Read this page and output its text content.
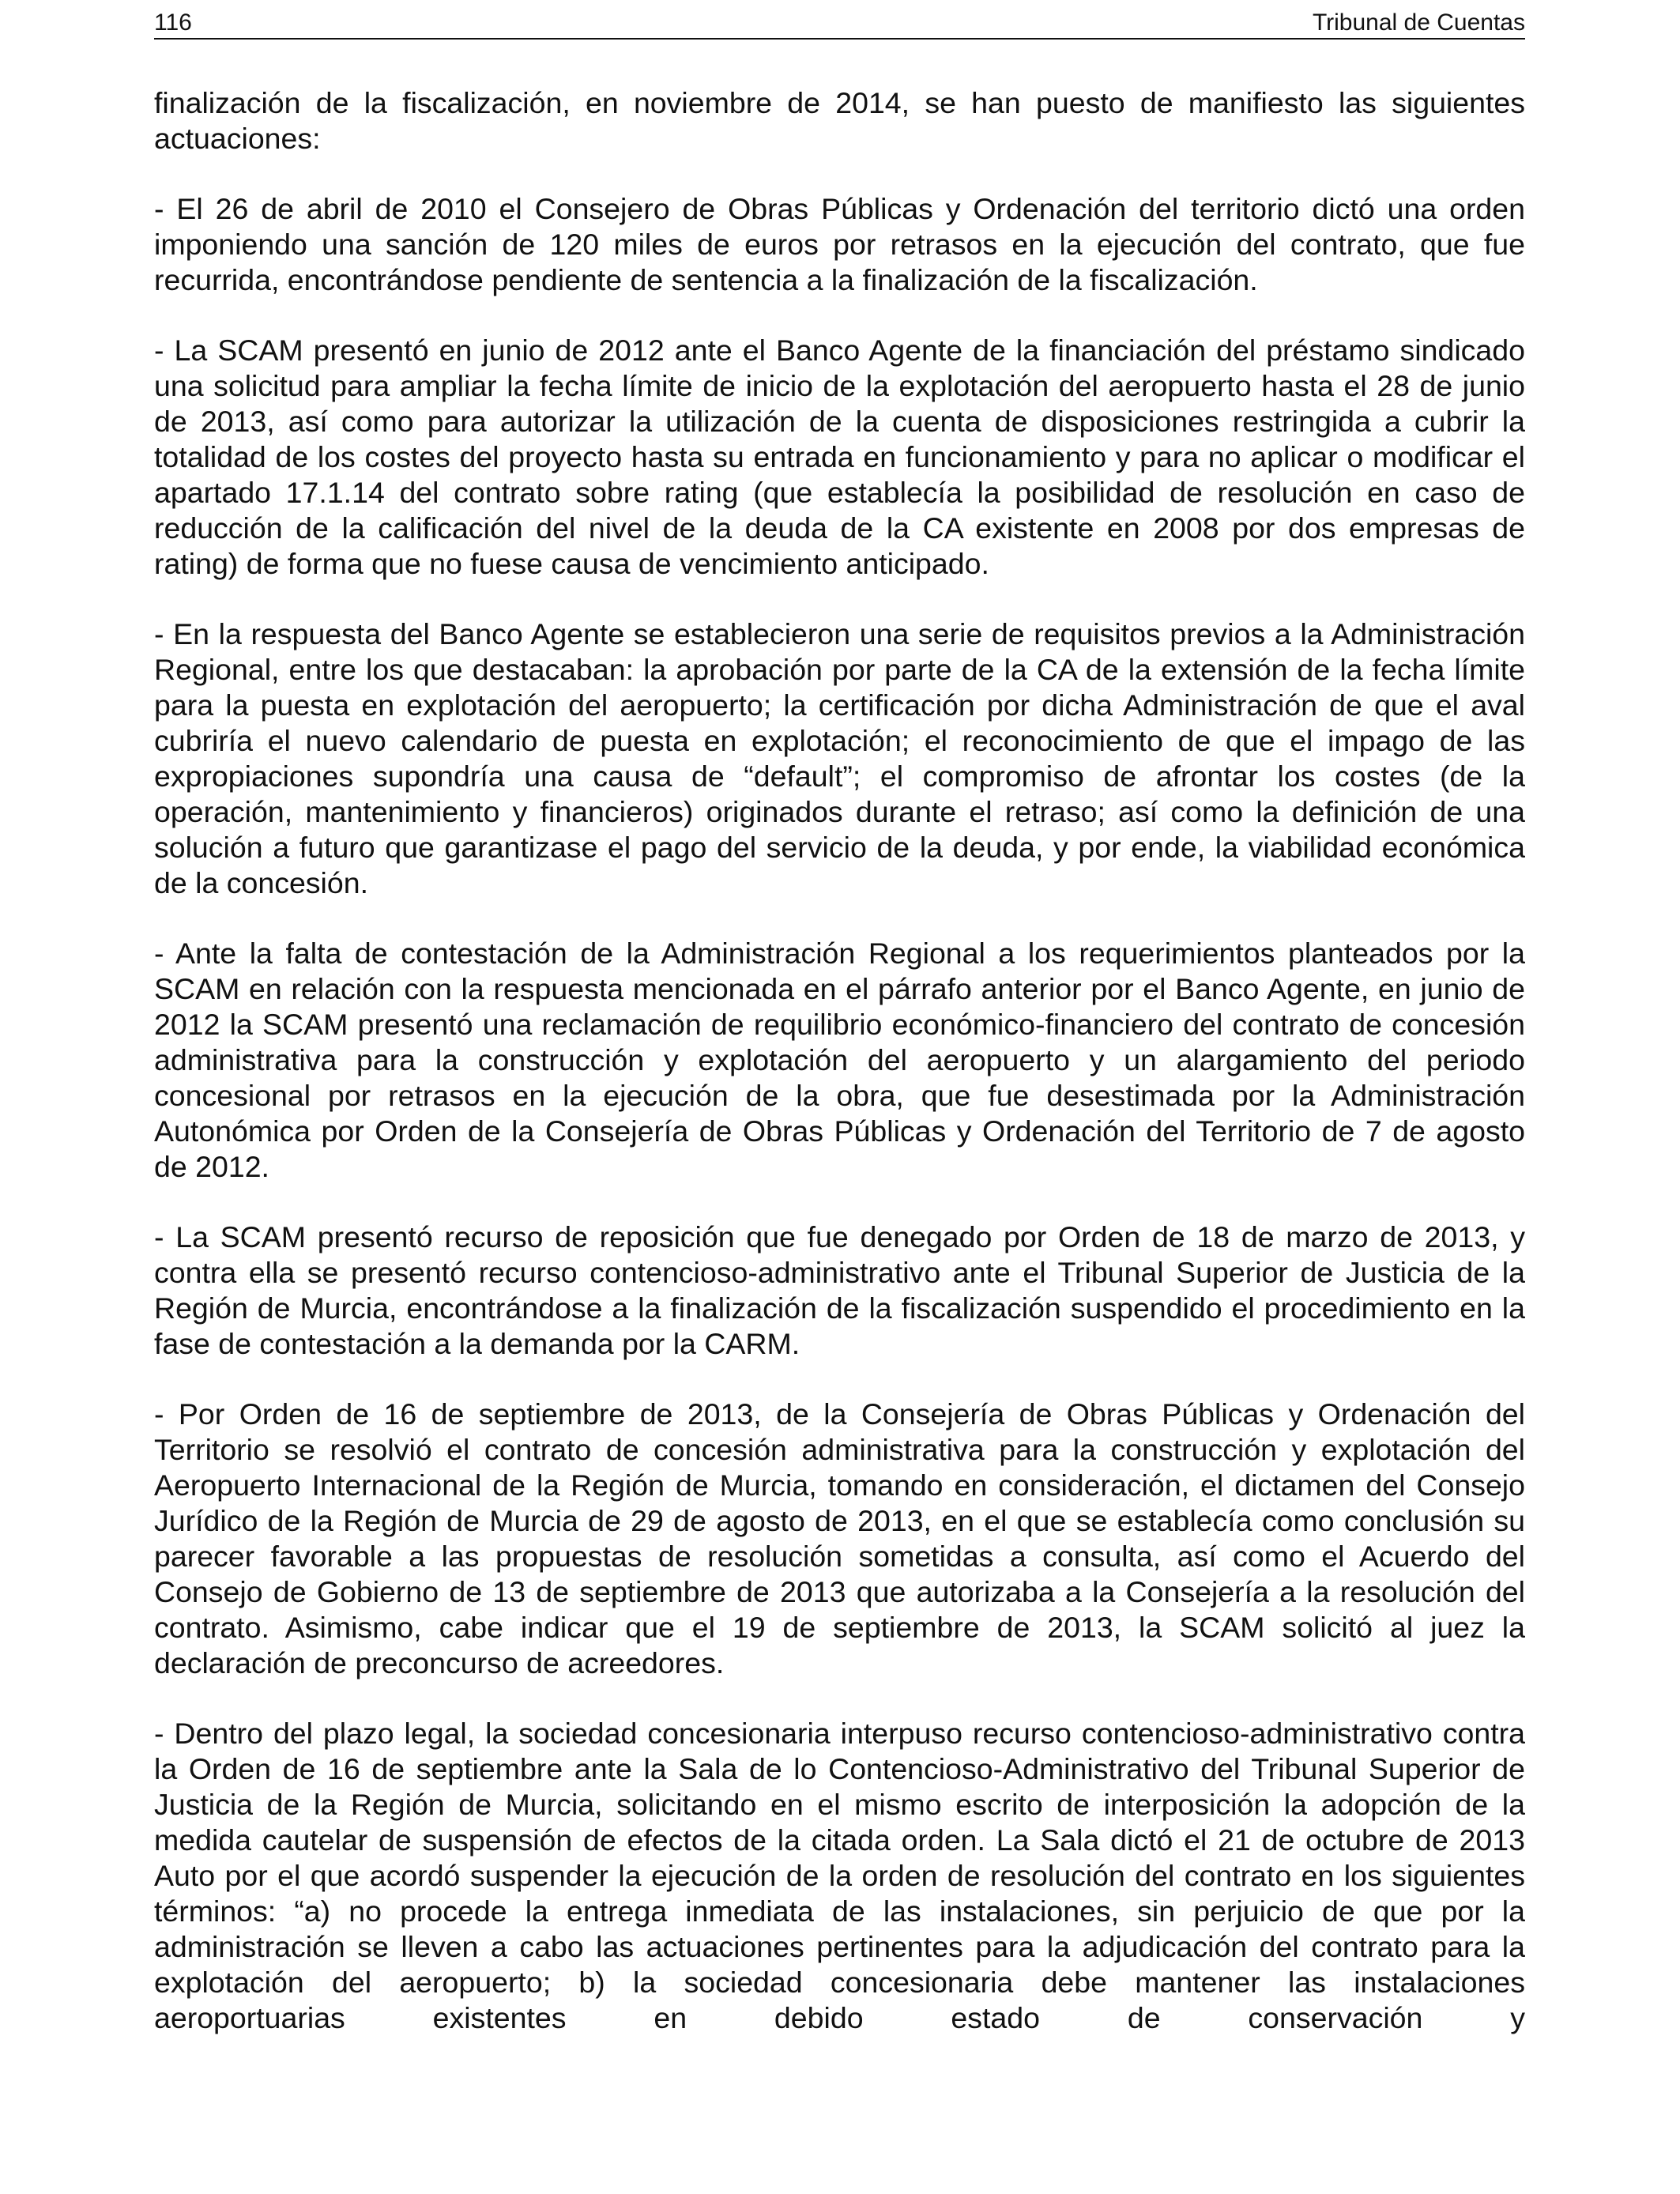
116	Tribunal de Cuentas

finalización de la fiscalización, en noviembre de 2014, se han puesto de manifiesto las siguientes actuaciones:

- El 26 de abril de 2010 el Consejero de Obras Públicas y Ordenación del territorio dictó una orden imponiendo una sanción de 120 miles de euros por retrasos en la ejecución del contrato, que fue recurrida, encontrándose pendiente de sentencia a la finalización de la fiscalización.

- La SCAM presentó en junio de 2012 ante el Banco Agente de la financiación del préstamo sindicado una solicitud para ampliar la fecha límite de inicio de la explotación del aeropuerto hasta el 28 de junio de 2013, así como para autorizar la utilización de la cuenta de disposiciones restringida a cubrir la totalidad de los costes del proyecto hasta su entrada en funcionamiento y para no aplicar o modificar el apartado 17.1.14 del contrato sobre rating (que establecía la posibilidad de resolución en caso de reducción de la calificación del nivel de la deuda de la CA existente en 2008 por dos empresas de rating) de forma que no fuese causa de vencimiento anticipado.

- En la respuesta del Banco Agente se establecieron una serie de requisitos previos a la Administración Regional, entre los que destacaban: la aprobación por parte de la CA de la extensión de la fecha límite para la puesta en explotación del aeropuerto; la certificación por dicha Administración de que el aval cubriría el nuevo calendario de puesta en explotación; el reconocimiento de que el impago de las expropiaciones supondría una causa de “default”; el compromiso de afrontar los costes (de la operación, mantenimiento y financieros) originados durante el retraso; así como la definición de una solución a futuro que garantizase el pago del servicio de la deuda, y por ende, la viabilidad económica de la concesión.

- Ante la falta de contestación de la Administración Regional a los requerimientos planteados por la SCAM en relación con la respuesta mencionada en el párrafo anterior por el Banco Agente, en junio de 2012 la SCAM presentó una reclamación de requilibrio económico-financiero del contrato de concesión administrativa para la construcción y explotación del aeropuerto y un alargamiento del periodo concesional por retrasos en la ejecución de la obra, que fue desestimada por la Administración Autonómica por Orden de la Consejería de Obras Públicas y Ordenación del Territorio de 7 de agosto de 2012.

- La SCAM presentó recurso de reposición que fue denegado por Orden de 18 de marzo de 2013, y contra ella se presentó recurso contencioso-administrativo ante el Tribunal Superior de Justicia de la Región de Murcia, encontrándose a la finalización de la fiscalización suspendido el procedimiento en la fase de contestación a la demanda por la CARM.

- Por Orden de 16 de septiembre de 2013, de la Consejería de Obras Públicas y Ordenación del Territorio se resolvió el contrato de concesión administrativa para la construcción y explotación del Aeropuerto Internacional de la Región de Murcia, tomando en consideración, el dictamen del Consejo Jurídico de la Región de Murcia de 29 de agosto de 2013, en el que se establecía como conclusión su parecer favorable a las propuestas de resolución sometidas a consulta, así como el Acuerdo del Consejo de Gobierno de 13 de septiembre de 2013 que autorizaba a la Consejería a la resolución del contrato. Asimismo, cabe indicar que el 19 de septiembre de 2013, la SCAM solicitó al juez la declaración de preconcurso de acreedores.

- Dentro del plazo legal, la sociedad concesionaria interpuso recurso contencioso-administrativo contra la Orden de 16 de septiembre ante la Sala de lo Contencioso-Administrativo del Tribunal Superior de Justicia de la Región de Murcia, solicitando en el mismo escrito de interposición la adopción de la medida cautelar de suspensión de efectos de la citada orden. La Sala dictó el 21 de octubre de 2013 Auto por el que acordó suspender la ejecución de la orden de resolución del contrato en los siguientes términos: “a) no procede la entrega inmediata de las instalaciones, sin perjuicio de que por la administración se lleven a cabo las actuaciones pertinentes para la adjudicación del contrato para la explotación del aeropuerto; b) la sociedad concesionaria debe mantener las instalaciones aeroportuarias existentes en debido estado de conservación y
